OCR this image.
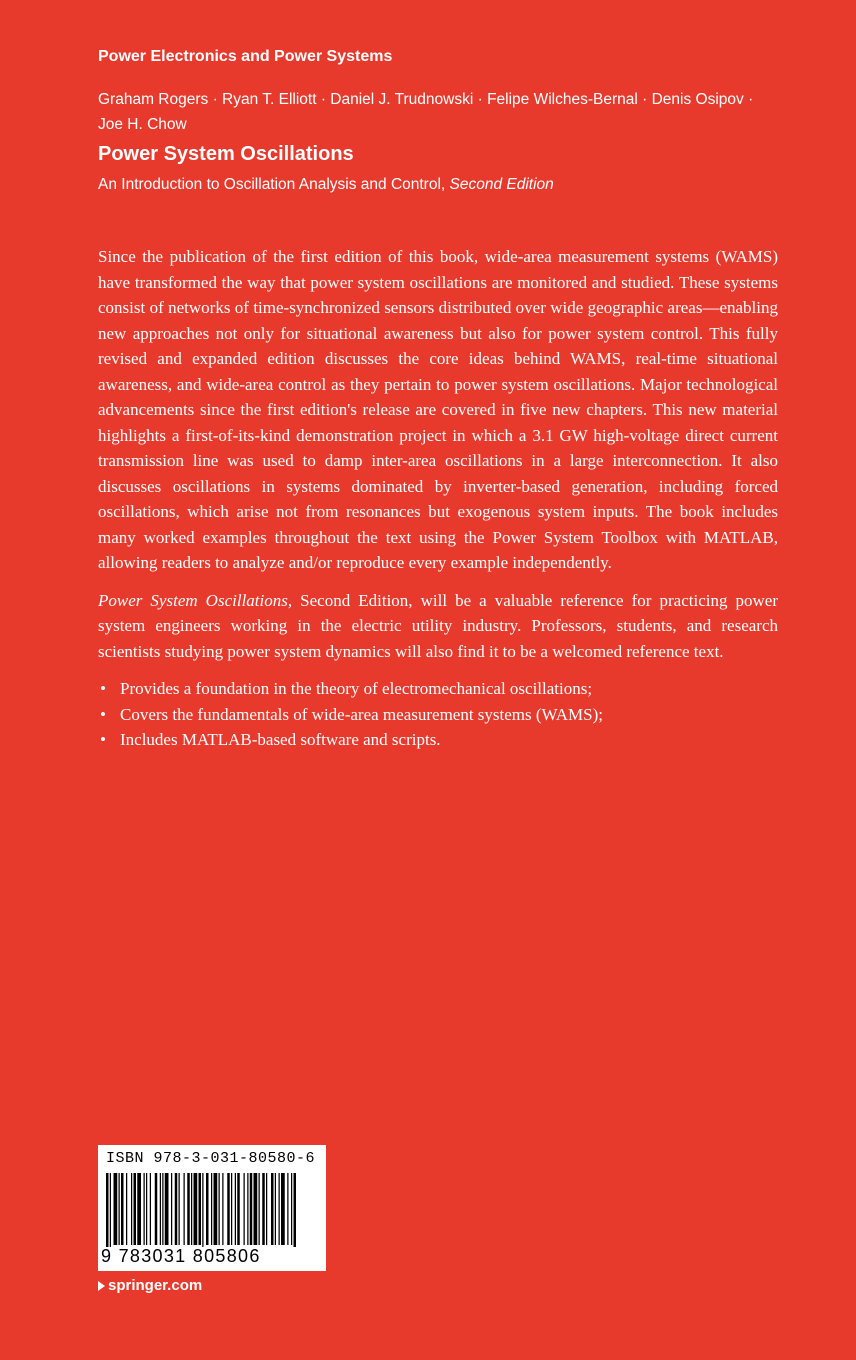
Power Electronics and Power Systems
Graham Rogers · Ryan T. Elliott · Daniel J. Trudnowski · Felipe Wilches-Bernal · Denis Osipov ·
Joe H. Chow
Power System Oscillations
An Introduction to Oscillation Analysis and Control, Second Edition

Since the publication of the first edition of this book, wide-area measurement systems (WAMS) have transformed the way that power system oscillations are monitored and studied. These systems consist of networks of time-synchronized sensors distributed over wide geographic areas—enabling new approaches not only for situational awareness but also for power system control. This fully revised and expanded edition discusses the core ideas behind WAMS, real-time situational awareness, and wide-area control as they pertain to power system oscillations. Major technological advancements since the first edition's release are covered in five new chapters. This new material highlights a first-of-its-kind demonstration project in which a 3.1 GW high-voltage direct current transmission line was used to damp inter-area oscillations in a large interconnection. It also discusses oscillations in systems dominated by inverter-based generation, including forced oscillations, which arise not from resonances but exogenous system inputs. The book includes many worked examples throughout the text using the Power System Toolbox with MATLAB, allowing readers to analyze and/or reproduce every example independently.

Power System Oscillations, Second Edition, will be a valuable reference for practicing power system engineers working in the electric utility industry. Professors, students, and research scientists studying power system dynamics will also find it to be a welcomed reference text.

• Provides a foundation in the theory of electromechanical oscillations;
• Covers the fundamentals of wide-area measurement systems (WAMS);
• Includes MATLAB-based software and scripts.
ISBN 978-3-031-80580-6
9 783031 805806
springer.com
